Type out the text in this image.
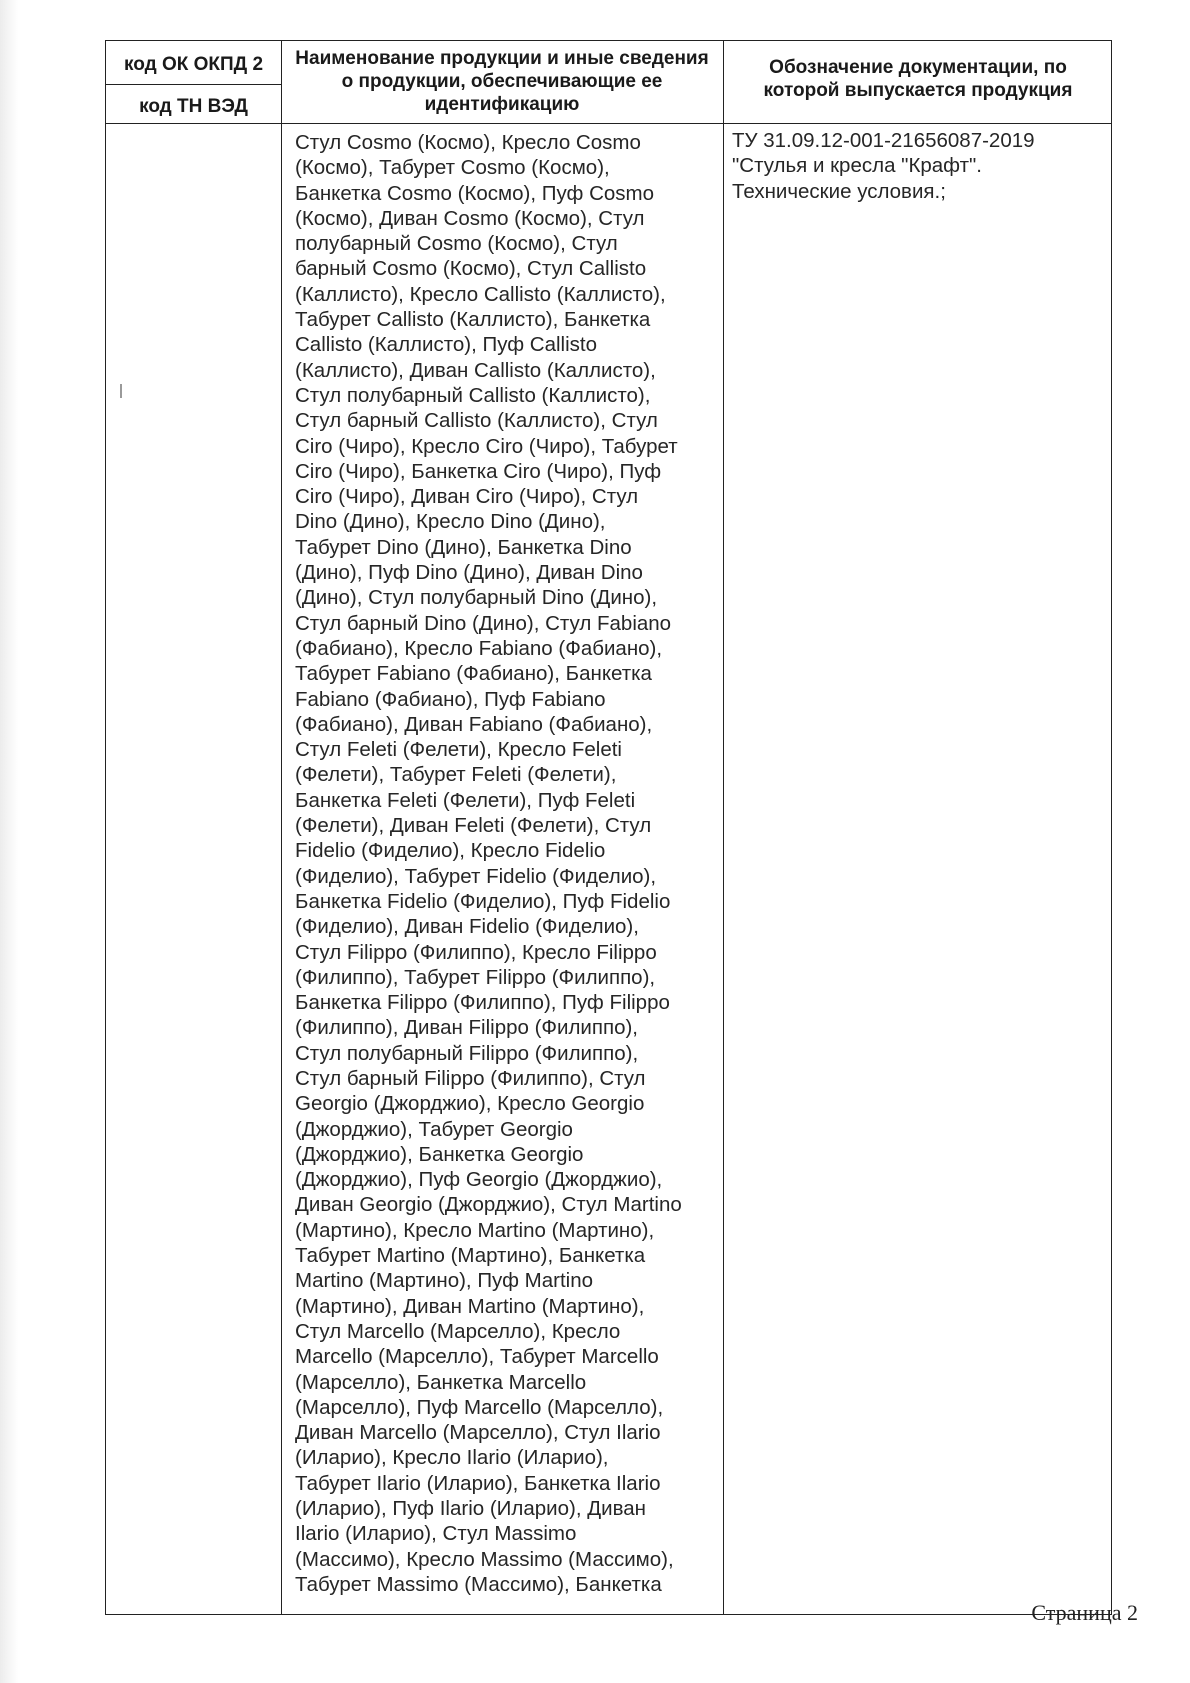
код ОК ОКПД 2
код ТН ВЭД
Наименование продукции и иные сведения о продукции, обеспечивающие ее идентификацию
Обозначение документации, по которой выпускается продукция
Стул Cosmo (Космо), Кресло Cosmo
(Космо), Табурет Cosmo (Космо),
Банкетка Cosmo (Космо), Пуф Cosmo
(Космо), Диван Cosmo (Космо), Стул
полубарный Cosmo (Космо), Стул
барный Cosmo (Космо), Стул Callisto
(Каллисто), Кресло Callisto (Каллисто),
Табурет Callisto (Каллисто), Банкетка
Callisto (Каллисто), Пуф Callisto
(Каллисто), Диван Callisto (Каллисто),
Стул полубарный Callisto (Каллисто),
Стул барный Callisto (Каллисто), Стул
Ciro (Чиро), Кресло Ciro (Чиро), Табурет
Ciro (Чиро), Банкетка Ciro (Чиро), Пуф
Ciro (Чиро), Диван Ciro (Чиро), Стул
Dino (Дино), Кресло Dino (Дино),
Табурет Dino (Дино), Банкетка Dino
(Дино), Пуф Dino (Дино), Диван Dino
(Дино), Стул полубарный Dino (Дино),
Стул барный Dino (Дино), Стул Fabiano
(Фабиано), Кресло Fabiano (Фабиано),
Табурет Fabiano (Фабиано), Банкетка
Fabiano (Фабиано), Пуф Fabiano
(Фабиано), Диван Fabiano (Фабиано),
Стул Feleti (Фелети), Кресло Feleti
(Фелети), Табурет Feleti (Фелети),
Банкетка Feleti (Фелети), Пуф Feleti
(Фелети), Диван Feleti (Фелети), Стул
Fidelio (Фиделио), Кресло Fidelio
(Фиделио), Табурет Fidelio (Фиделио),
Банкетка Fidelio (Фиделио), Пуф Fidelio
(Фиделио), Диван Fidelio (Фиделио),
Стул Filippo (Филиппо), Кресло Filippo
(Филиппо), Табурет Filippo (Филиппо),
Банкетка Filippo (Филиппо), Пуф Filippo
(Филиппо), Диван Filippo (Филиппо),
Стул полубарный Filippo (Филиппо),
Стул барный Filippo (Филиппо), Стул
Georgio (Джорджио), Кресло Georgio
(Джорджио), Табурет Georgio
(Джорджио), Банкетка Georgio
(Джорджио), Пуф Georgio (Джорджио),
Диван Georgio (Джорджио), Стул Martino
(Мартино), Кресло Martino (Мартино),
Табурет Martino (Мартино), Банкетка
Martino (Мартино), Пуф Martino
(Мартино), Диван Martino (Мартино),
Стул Marcello (Марселло), Кресло
Marcello (Марселло), Табурет Marcello
(Марселло), Банкетка Marcello
(Марселло), Пуф Marcello (Марселло),
Диван Marcello (Марселло), Стул Ilario
(Иларио), Кресло Ilario (Иларио),
Табурет Ilario (Иларио), Банкетка Ilario
(Иларио), Пуф Ilario (Иларио), Диван
Ilario (Иларио), Стул Massimo
(Массимо), Кресло Massimo (Массимо),
Табурет Massimo (Массимо), Банкетка
ТУ 31.09.12-001-21656087-2019
"Стулья и кресла "Крафт".
Технические условия.;
Страница 2
